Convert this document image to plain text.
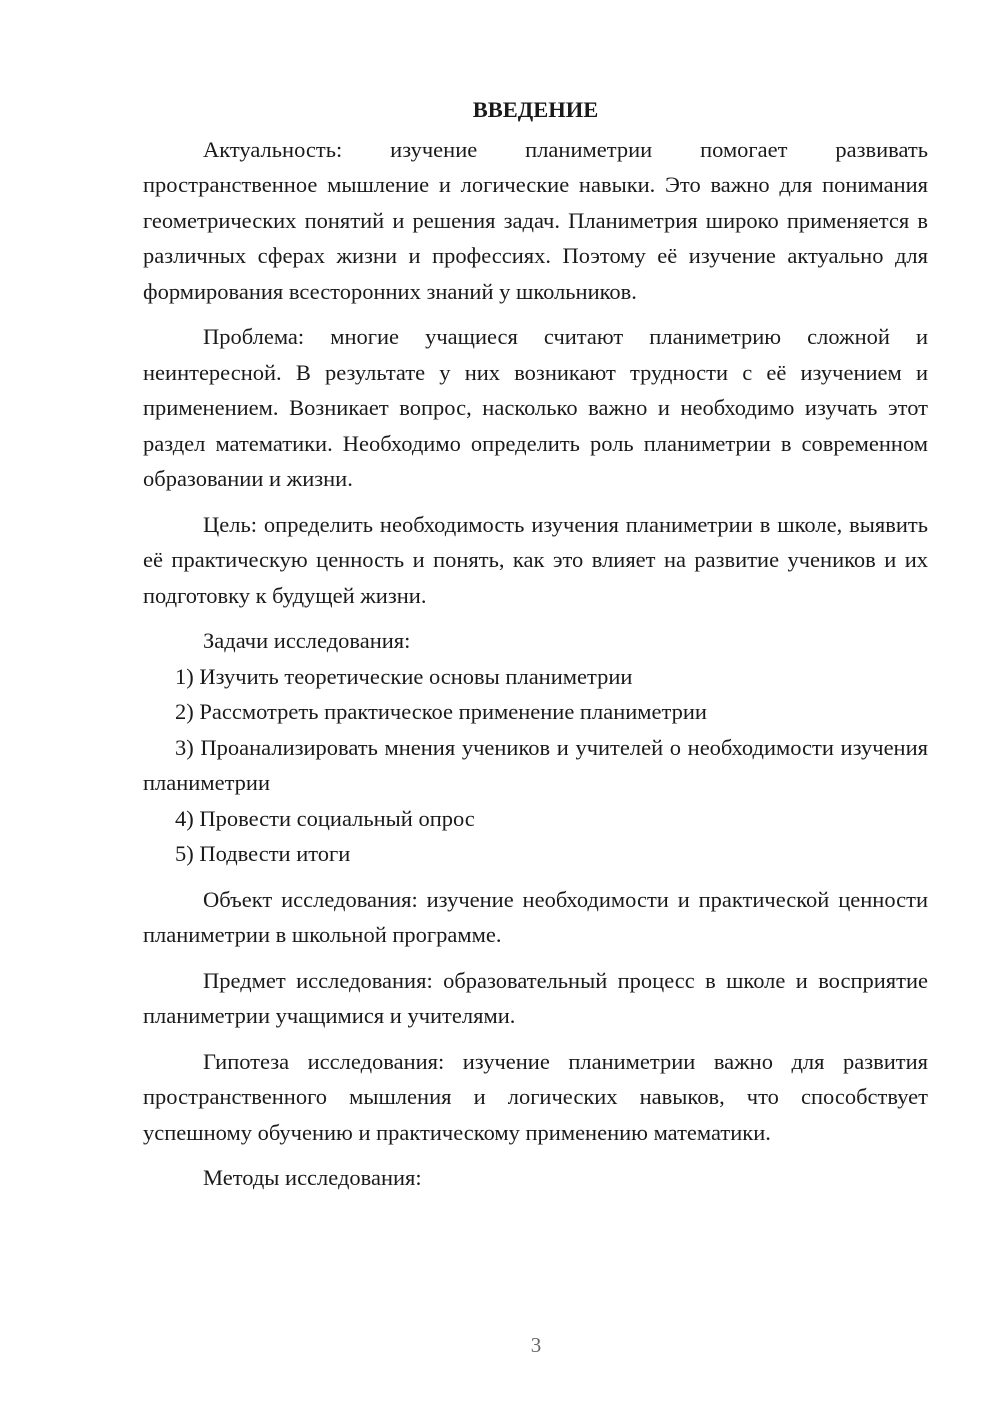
ВВЕДЕНИЕ

Актуальность: изучение планиметрии помогает развивать пространственное мышление и логические навыки. Это важно для понимания геометрических понятий и решения задач. Планиметрия широко применяется в различных сферах жизни и профессиях. Поэтому её изучение актуально для формирования всесторонних знаний у школьников.

Проблема: многие учащиеся считают планиметрию сложной и неинтересной. В результате у них возникают трудности с её изучением и применением. Возникает вопрос, насколько важно и необходимо изучать этот раздел математики. Необходимо определить роль планиметрии в современном образовании и жизни.

Цель: определить необходимость изучения планиметрии в школе, выявить её практическую ценность и понять, как это влияет на развитие учеников и их подготовку к будущей жизни.

Задачи исследования:

1) Изучить теоретические основы планиметрии

2) Рассмотреть практическое применение планиметрии

3) Проанализировать мнения учеников и учителей о необходимости изучения планиметрии

4) Провести социальный опрос

5) Подвести итоги

Объект исследования: изучение необходимости и практической ценности планиметрии в школьной программе.

Предмет исследования: образовательный процесс в школе и восприятие планиметрии учащимися и учителями.

Гипотеза исследования: изучение планиметрии важно для развития пространственного мышления и логических навыков, что способствует успешному обучению и практическому применению математики.

Методы исследования:

3
